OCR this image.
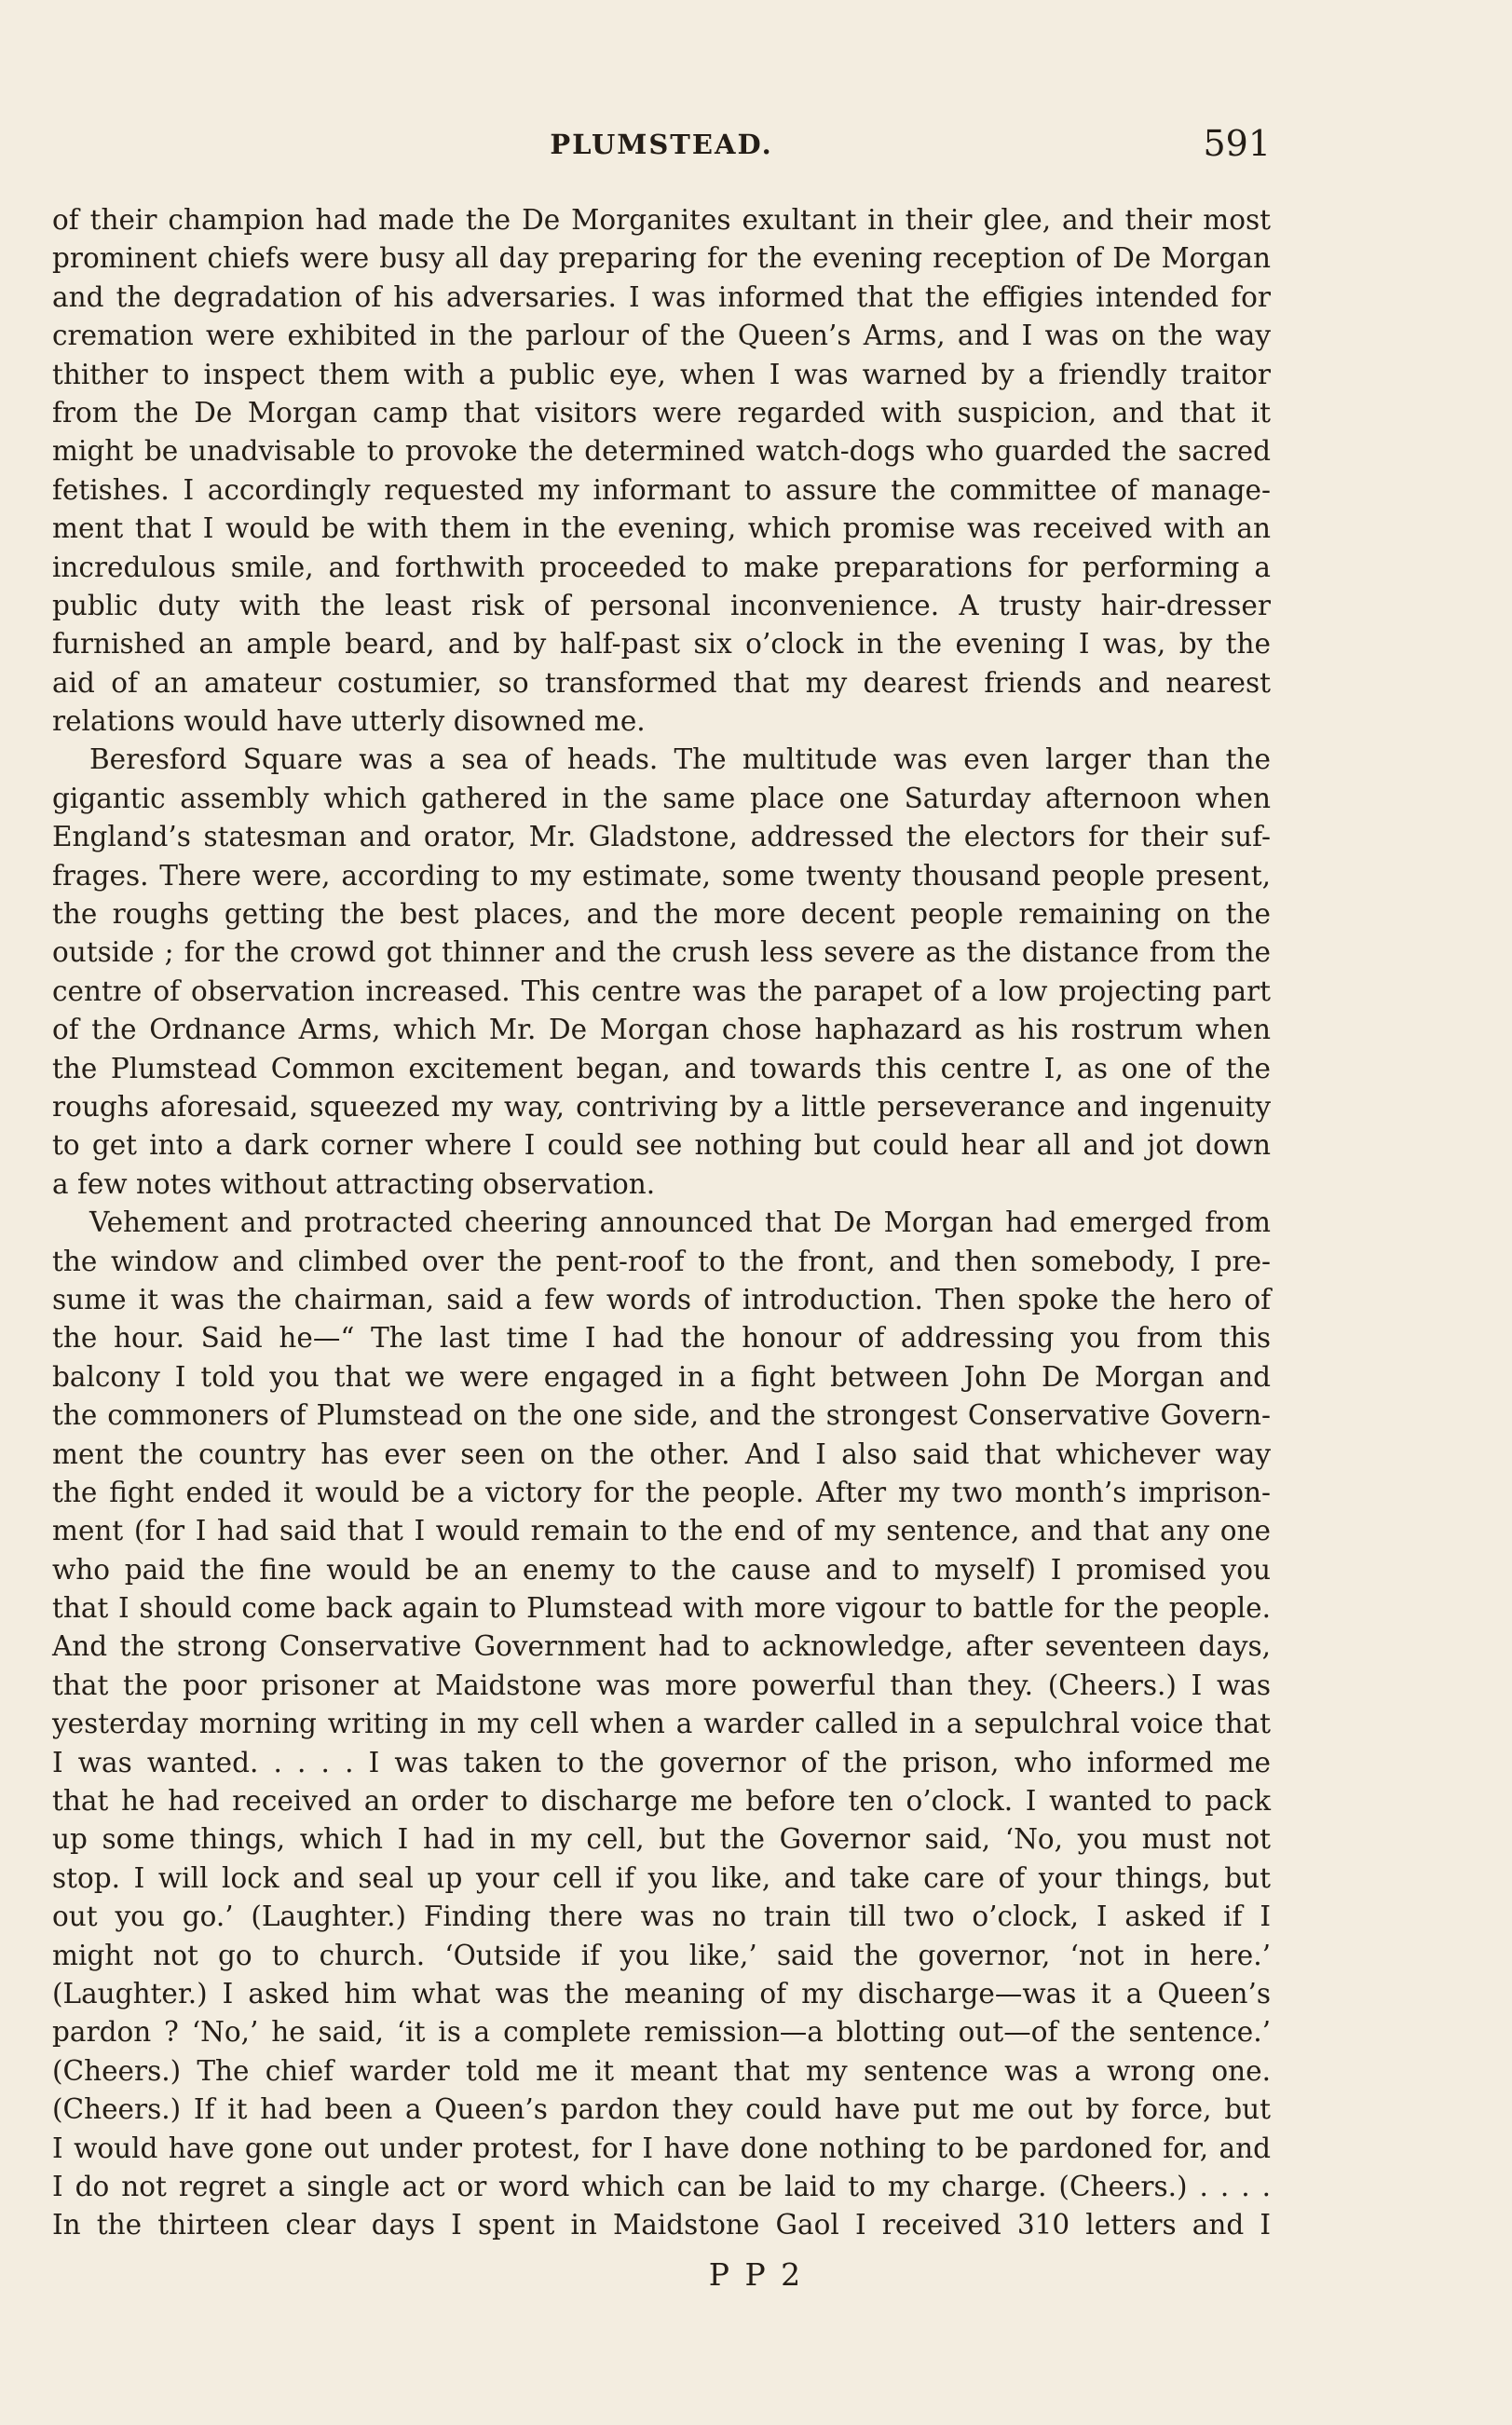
PLUMSTEAD.	591
of their champion had made the De Morganites exultant in their glee, and their most
prominent chiefs were busy all day preparing for the evening reception of De Morgan
and the degradation of his adversaries. I was informed that the effigies intended for
cremation were exhibited in the parlour of the Queen’s Arms, and I was on the way
thither to inspect them with a public eye, when I was warned by a friendly traitor
from the De Morgan camp that visitors were regarded with suspicion, and that it
might be unadvisable to provoke the determined watch-dogs who guarded the sacred
fetishes. I accordingly requested my informant to assure the committee of manage-
ment that I would be with them in the evening, which promise was received with an
incredulous smile, and forthwith proceeded to make preparations for performing a
public duty with the least risk of personal inconvenience. A trusty hair-dresser
furnished an ample beard, and by half-past six o’clock in the evening I was, by the
aid of an amateur costumier, so transformed that my dearest friends and nearest
relations would have utterly disowned me.
Beresford Square was a sea of heads. The multitude was even larger than the
gigantic assembly which gathered in the same place one Saturday afternoon when
England’s statesman and orator, Mr. Gladstone, addressed the electors for their suf-
frages. There were, according to my estimate, some twenty thousand people present,
the roughs getting the best places, and the more decent people remaining on the
outside ; for the crowd got thinner and the crush less severe as the distance from the
centre of observation increased. This centre was the parapet of a low projecting part
of the Ordnance Arms, which Mr. De Morgan chose haphazard as his rostrum when
the Plumstead Common excitement began, and towards this centre I, as one of the
roughs aforesaid, squeezed my way, contriving by a little perseverance and ingenuity
to get into a dark corner where I could see nothing but could hear all and jot down
a few notes without attracting observation.
Vehement and protracted cheering announced that De Morgan had emerged from
the window and climbed over the pent-roof to the front, and then somebody, I pre-
sume it was the chairman, said a few words of introduction. Then spoke the hero of
the hour. Said he—“ The last time I had the honour of addressing you from this
balcony I told you that we were engaged in a fight between John De Morgan and
the commoners of Plumstead on the one side, and the strongest Conservative Govern-
ment the country has ever seen on the other. And I also said that whichever way
the fight ended it would be a victory for the people. After my two month’s imprison-
ment (for I had said that I would remain to the end of my sentence, and that any one
who paid the fine would be an enemy to the cause and to myself) I promised you
that I should come back again to Plumstead with more vigour to battle for the people.
And the strong Conservative Government had to acknowledge, after seventeen days,
that the poor prisoner at Maidstone was more powerful than they. (Cheers.) I was
yesterday morning writing in my cell when a warder called in a sepulchral voice that
I was wanted. . . . . I was taken to the governor of the prison, who informed me
that he had received an order to discharge me before ten o’clock. I wanted to pack
up some things, which I had in my cell, but the Governor said, ‘No, you must not
stop. I will lock and seal up your cell if you like, and take care of your things, but
out you go.’ (Laughter.) Finding there was no train till two o’clock, I asked if I
might not go to church. ‘Outside if you like,’ said the governor, ‘not in here.’
(Laughter.) I asked him what was the meaning of my discharge—was it a Queen’s
pardon ? ‘No,’ he said, ‘it is a complete remission—a blotting out—of the sentence.’
(Cheers.) The chief warder told me it meant that my sentence was a wrong one.
(Cheers.) If it had been a Queen’s pardon they could have put me out by force, but
I would have gone out under protest, for I have done nothing to be pardoned for, and
I do not regret a single act or word which can be laid to my charge. (Cheers.) . . . .
In the thirteen clear days I spent in Maidstone Gaol I received 310 letters and I
P P 2
